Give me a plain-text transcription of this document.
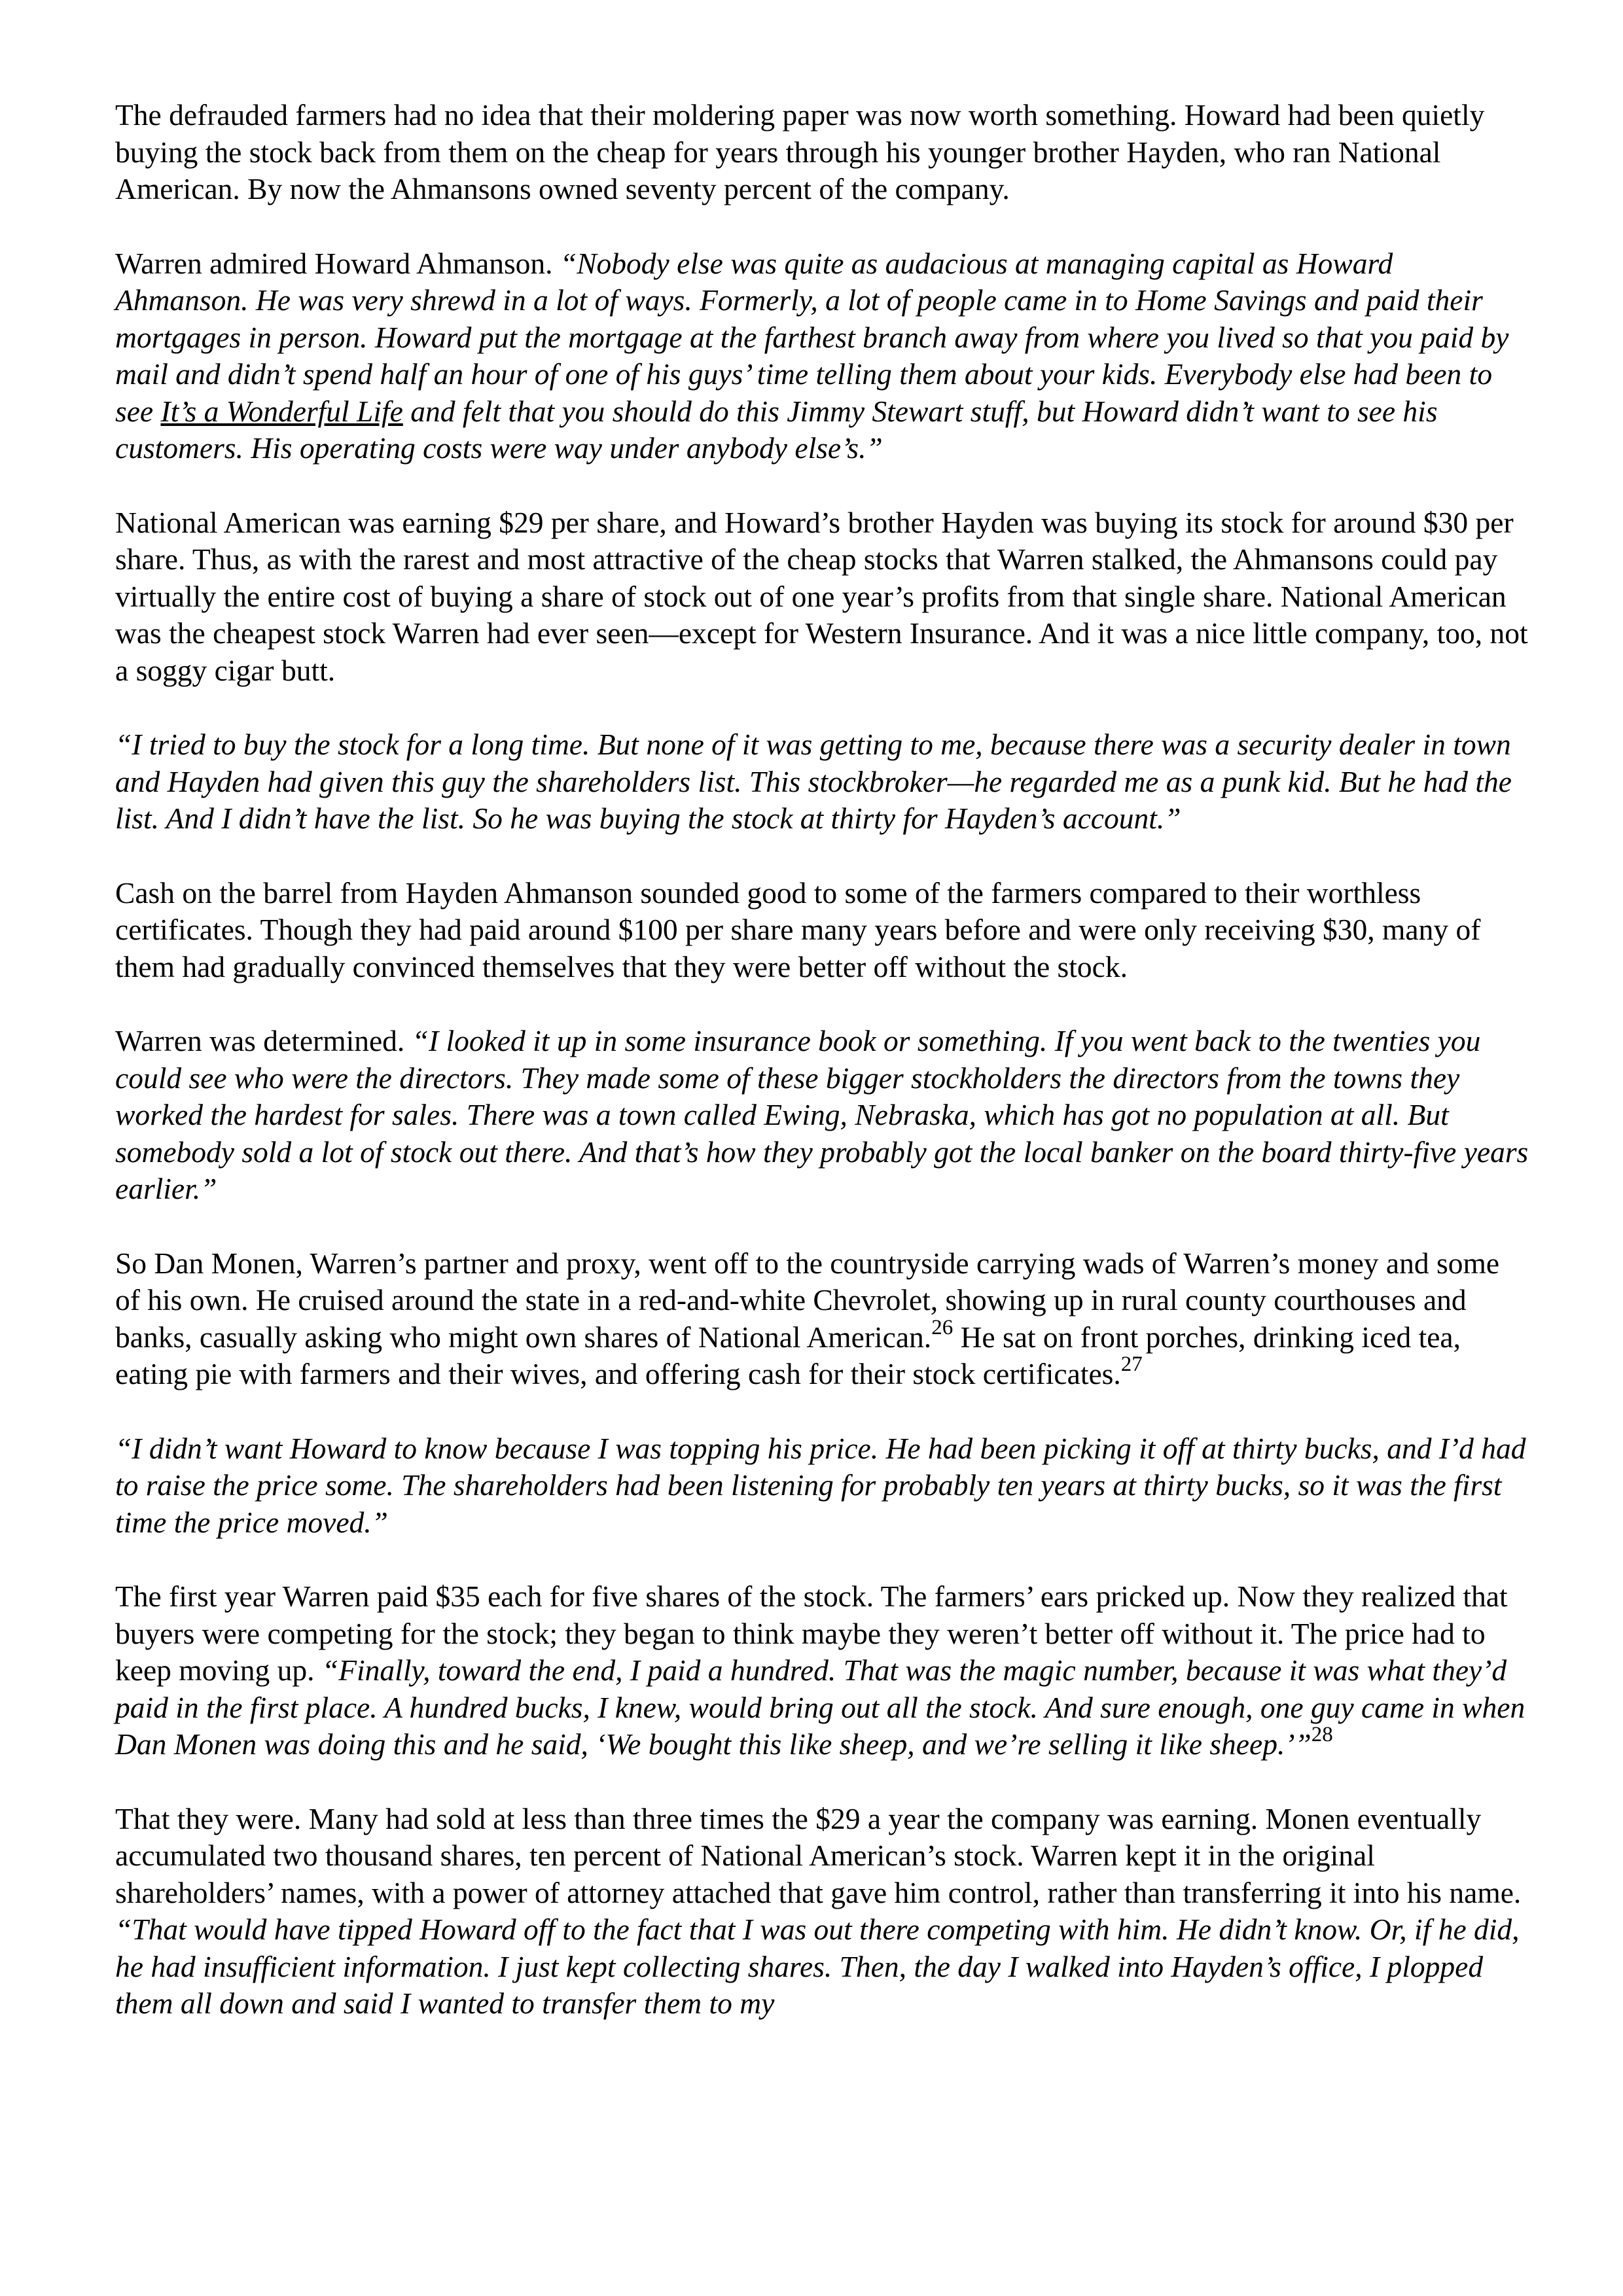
The defrauded farmers had no idea that their moldering paper was now worth something. Howard had been quietly buying the stock back from them on the cheap for years through his younger brother Hayden, who ran National American. By now the Ahmansons owned seventy percent of the company.

Warren admired Howard Ahmanson. “Nobody else was quite as audacious at managing capital as Howard Ahmanson. He was very shrewd in a lot of ways. Formerly, a lot of people came in to Home Savings and paid their mortgages in person. Howard put the mortgage at the farthest branch away from where you lived so that you paid by mail and didn’t spend half an hour of one of his guys’ time telling them about your kids. Everybody else had been to see It’s a Wonderful Life and felt that you should do this Jimmy Stewart stuff, but Howard didn’t want to see his customers. His operating costs were way under anybody else’s.”

National American was earning $29 per share, and Howard’s brother Hayden was buying its stock for around $30 per share. Thus, as with the rarest and most attractive of the cheap stocks that Warren stalked, the Ahmansons could pay virtually the entire cost of buying a share of stock out of one year’s profits from that single share. National American was the cheapest stock Warren had ever seen—except for Western Insurance. And it was a nice little company, too, not a soggy cigar butt.

“I tried to buy the stock for a long time. But none of it was getting to me, because there was a security dealer in town and Hayden had given this guy the shareholders list. This stockbroker—he regarded me as a punk kid. But he had the list. And I didn’t have the list. So he was buying the stock at thirty for Hayden’s account.”

Cash on the barrel from Hayden Ahmanson sounded good to some of the farmers compared to their worthless certificates. Though they had paid around $100 per share many years before and were only receiving $30, many of them had gradually convinced themselves that they were better off without the stock.

Warren was determined. “I looked it up in some insurance book or something. If you went back to the twenties you could see who were the directors. They made some of these bigger stockholders the directors from the towns they worked the hardest for sales. There was a town called Ewing, Nebraska, which has got no population at all. But somebody sold a lot of stock out there. And that’s how they probably got the local banker on the board thirty-five years earlier.”

So Dan Monen, Warren’s partner and proxy, went off to the countryside carrying wads of Warren’s money and some of his own. He cruised around the state in a red-and-white Chevrolet, showing up in rural county courthouses and banks, casually asking who might own shares of National American.$^{26}$ He sat on front porches, drinking iced tea, eating pie with farmers and their wives, and offering cash for their stock certificates.$^{27}$

“I didn’t want Howard to know because I was topping his price. He had been picking it off at thirty bucks, and I’d had to raise the price some. The shareholders had been listening for probably ten years at thirty bucks, so it was the first time the price moved.”

The first year Warren paid $35 each for five shares of the stock. The farmers’ ears pricked up. Now they realized that buyers were competing for the stock; they began to think maybe they weren’t better off without it. The price had to keep moving up. “Finally, toward the end, I paid a hundred. That was the magic number, because it was what they’d paid in the first place. A hundred bucks, I knew, would bring out all the stock. And sure enough, one guy came in when Dan Monen was doing this and he said, ‘We bought this like sheep, and we’re selling it like sheep.’”$^{28}$

That they were. Many had sold at less than three times the $29 a year the company was earning. Monen eventually accumulated two thousand shares, ten percent of National American’s stock. Warren kept it in the original shareholders’ names, with a power of attorney attached that gave him control, rather than transferring it into his name. “That would have tipped Howard off to the fact that I was out there competing with him. He didn’t know. Or, if he did, he had insufficient information. I just kept collecting shares. Then, the day I walked into Hayden’s office, I plopped them all down and said I wanted to transfer them to my
